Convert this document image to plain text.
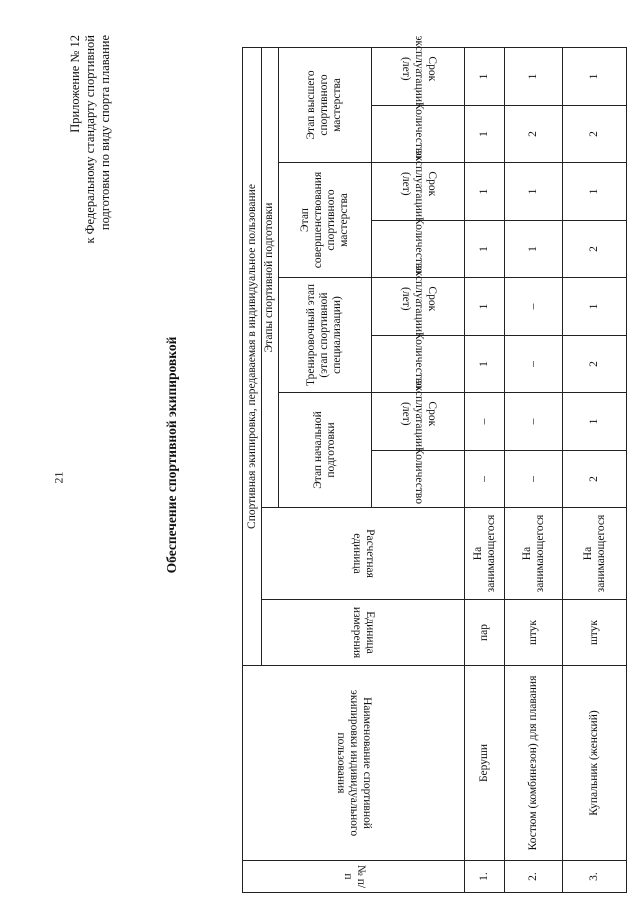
21
Приложение № 12 к Федеральному стандарту спортивной подготовки по виду спорта плавание
Обеспечение спортивной экипировкой
№ п/п	Наименование спортивной экипировки индивидуального пользования	Спортивная экипировка, передаваемая в индивидуальное пользование									
		Единица измерения	Расчетная единица	Этапы спортивной подготовки							
				Этап начальной подготовки		Тренировочный этап (этап спортивной специализации)		Этап совершенствования спортивного мастерства		Этап высшего спортивного мастерства	
				Количество	Срок эксплуатации (лет)	Количество	Срок эксплуатации (лет)	Количество	Срок эксплуатации (лет)	Количество	Срок эксплуатации (лет)
1.	Беруши	пар	На занимающегося	–	–	1	1	1	1	1	1
2.	Костюм (комбинезон) для плавания	штук	На занимающегося	–	–	–	–	1	1	2	1
3.	Купальник (женский)	штук	На занимающегося	2	1	2	1	2	1	2	1
